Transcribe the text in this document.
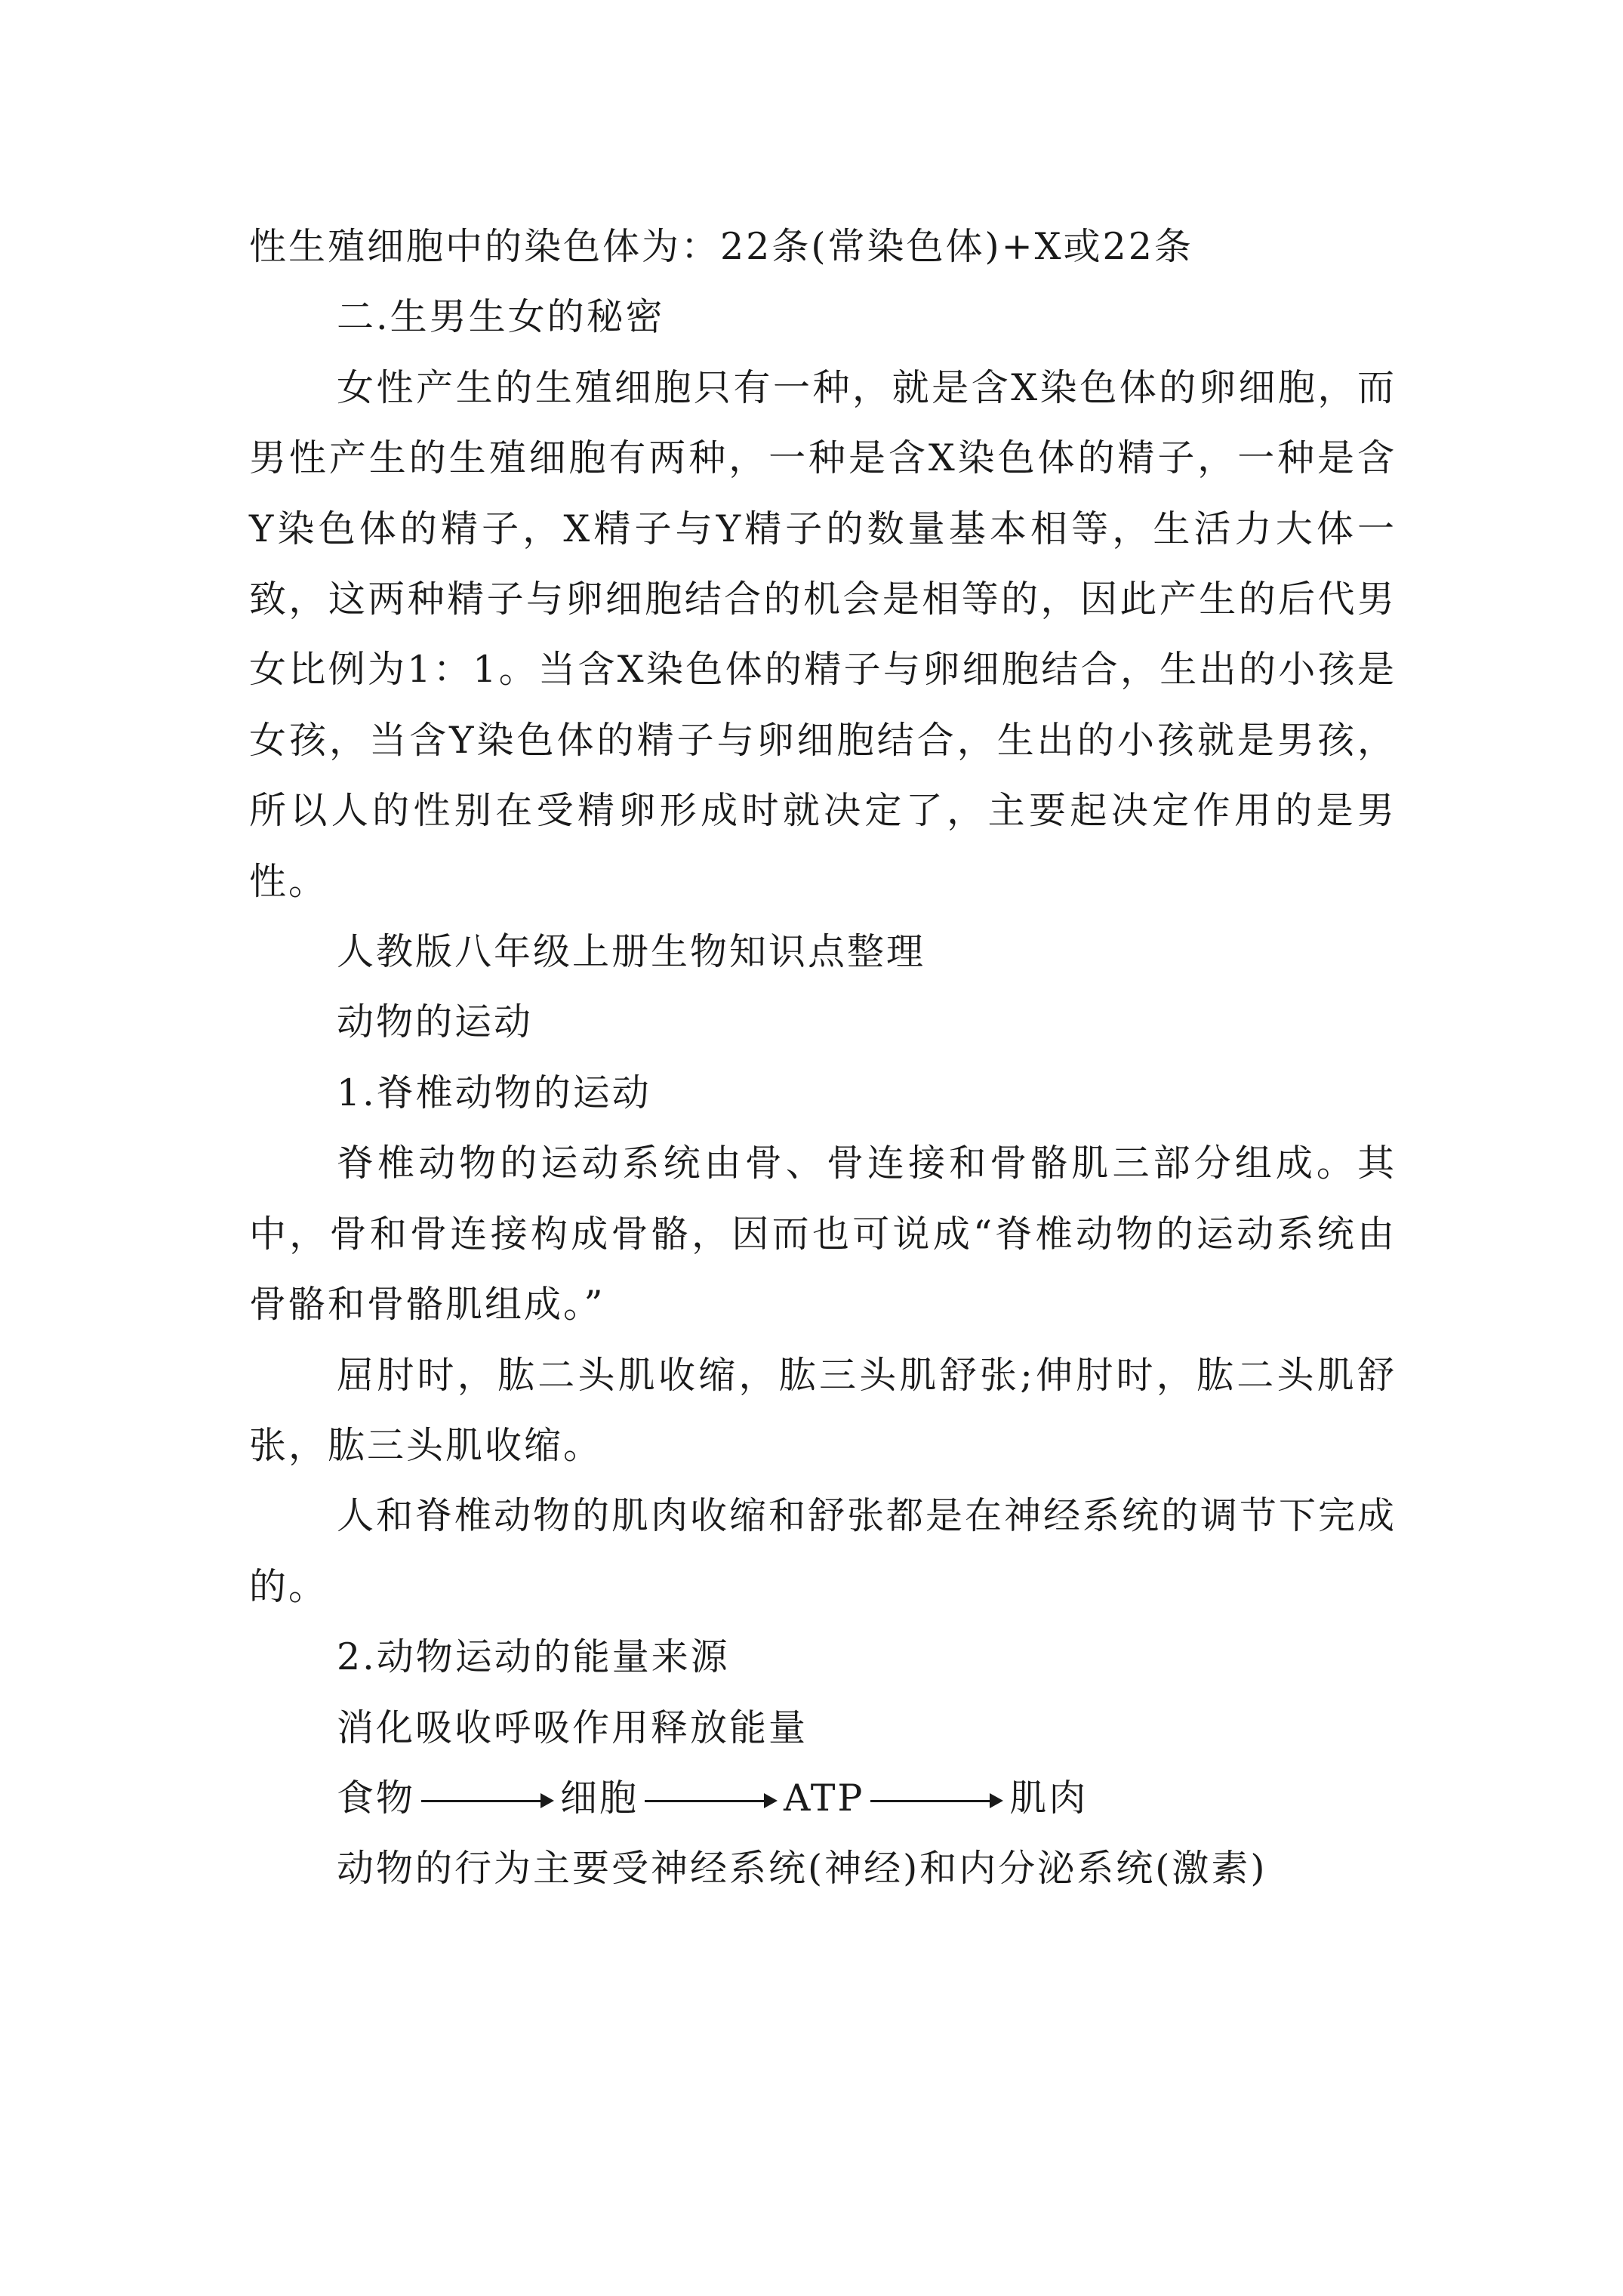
性生殖细胞中的染色体为：22条(常染色体)+X或22条

二.生男生女的秘密

女性产生的生殖细胞只有一种，就是含X染色体的卵细胞，而男性产生的生殖细胞有两种，一种是含X染色体的精子，一种是含Y染色体的精子，X精子与Y精子的数量基本相等，生活力大体一致，这两种精子与卵细胞结合的机会是相等的，因此产生的后代男女比例为1：1。当含X染色体的精子与卵细胞结合，生出的小孩是女孩，当含Y染色体的精子与卵细胞结合，生出的小孩就是男孩，所以人的性别在受精卵形成时就决定了，主要起决定作用的是男性。

人教版八年级上册生物知识点整理

动物的运动

1.脊椎动物的运动

脊椎动物的运动系统由骨、骨连接和骨骼肌三部分组成。其中，骨和骨连接构成骨骼，因而也可说成“脊椎动物的运动系统由骨骼和骨骼肌组成。”

屈肘时，肱二头肌收缩，肱三头肌舒张;伸肘时，肱二头肌舒张，肱三头肌收缩。

人和脊椎动物的肌肉收缩和舒张都是在神经系统的调节下完成的。

2.动物运动的能量来源

消化吸收呼吸作用释放能量

食物	细胞	ATP	肌肉

动物的行为主要受神经系统(神经)和内分泌系统(激素)
